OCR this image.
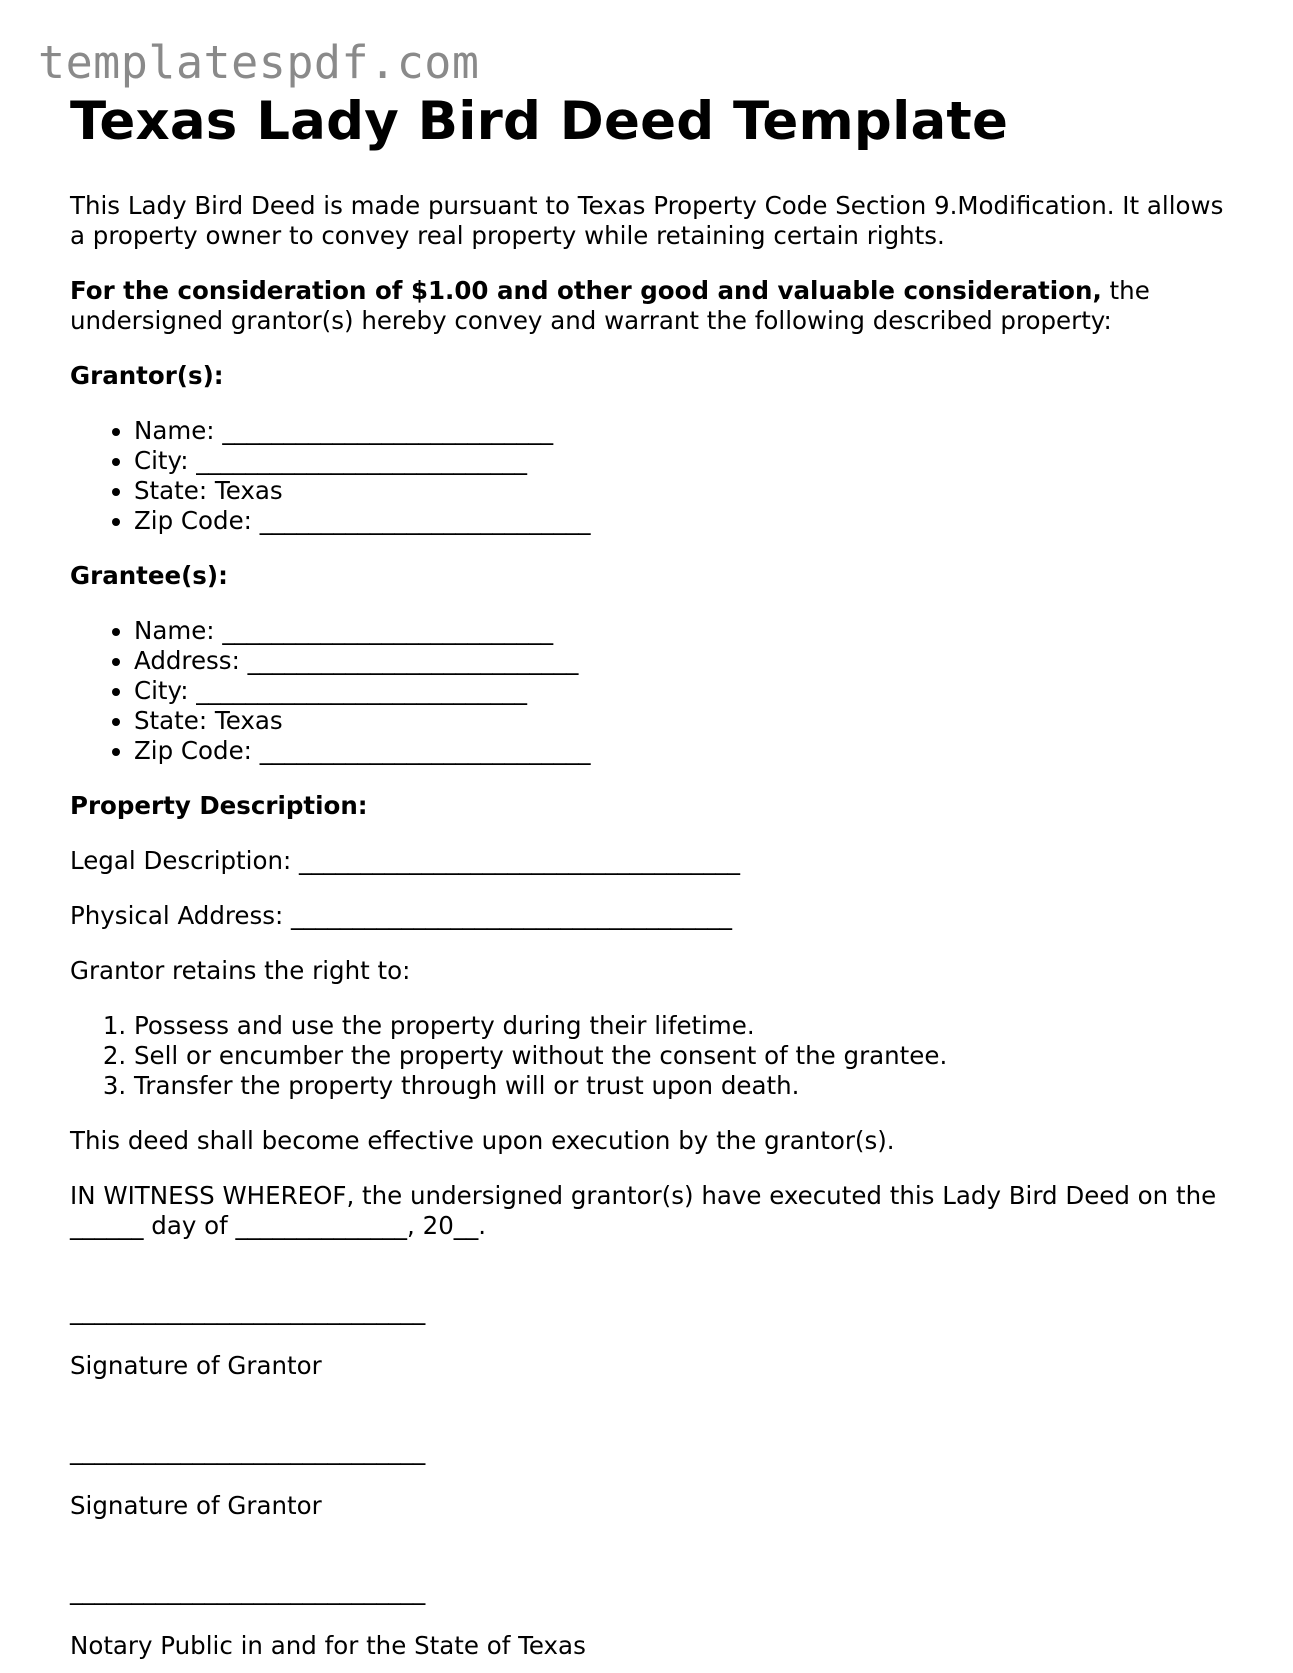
templatespdf.com
Texas Lady Bird Deed Template

This Lady Bird Deed is made pursuant to Texas Property Code Section 9.Modification. It allows a property owner to convey real property while retaining certain rights.

For the consideration of $1.00 and other good and valuable consideration, the undersigned grantor(s) hereby convey and warrant the following described property:

Grantor(s):

• Name: ___________________________
• City: ___________________________
• State: Texas
• Zip Code: ___________________________

Grantee(s):

• Name: ___________________________
• Address: ___________________________
• City: ___________________________
• State: Texas
• Zip Code: ___________________________

Property Description:

Legal Description: ____________________________________

Physical Address: ____________________________________

Grantor retains the right to:

1. Possess and use the property during their lifetime.
2. Sell or encumber the property without the consent of the grantee.
3. Transfer the property through will or trust upon death.

This deed shall become effective upon execution by the grantor(s).

IN WITNESS WHEREOF, the undersigned grantor(s) have executed this Lady Bird Deed on the ______ day of ______________, 20__.

_____________________________

Signature of Grantor

_____________________________

Signature of Grantor

_____________________________

Notary Public in and for the State of Texas
